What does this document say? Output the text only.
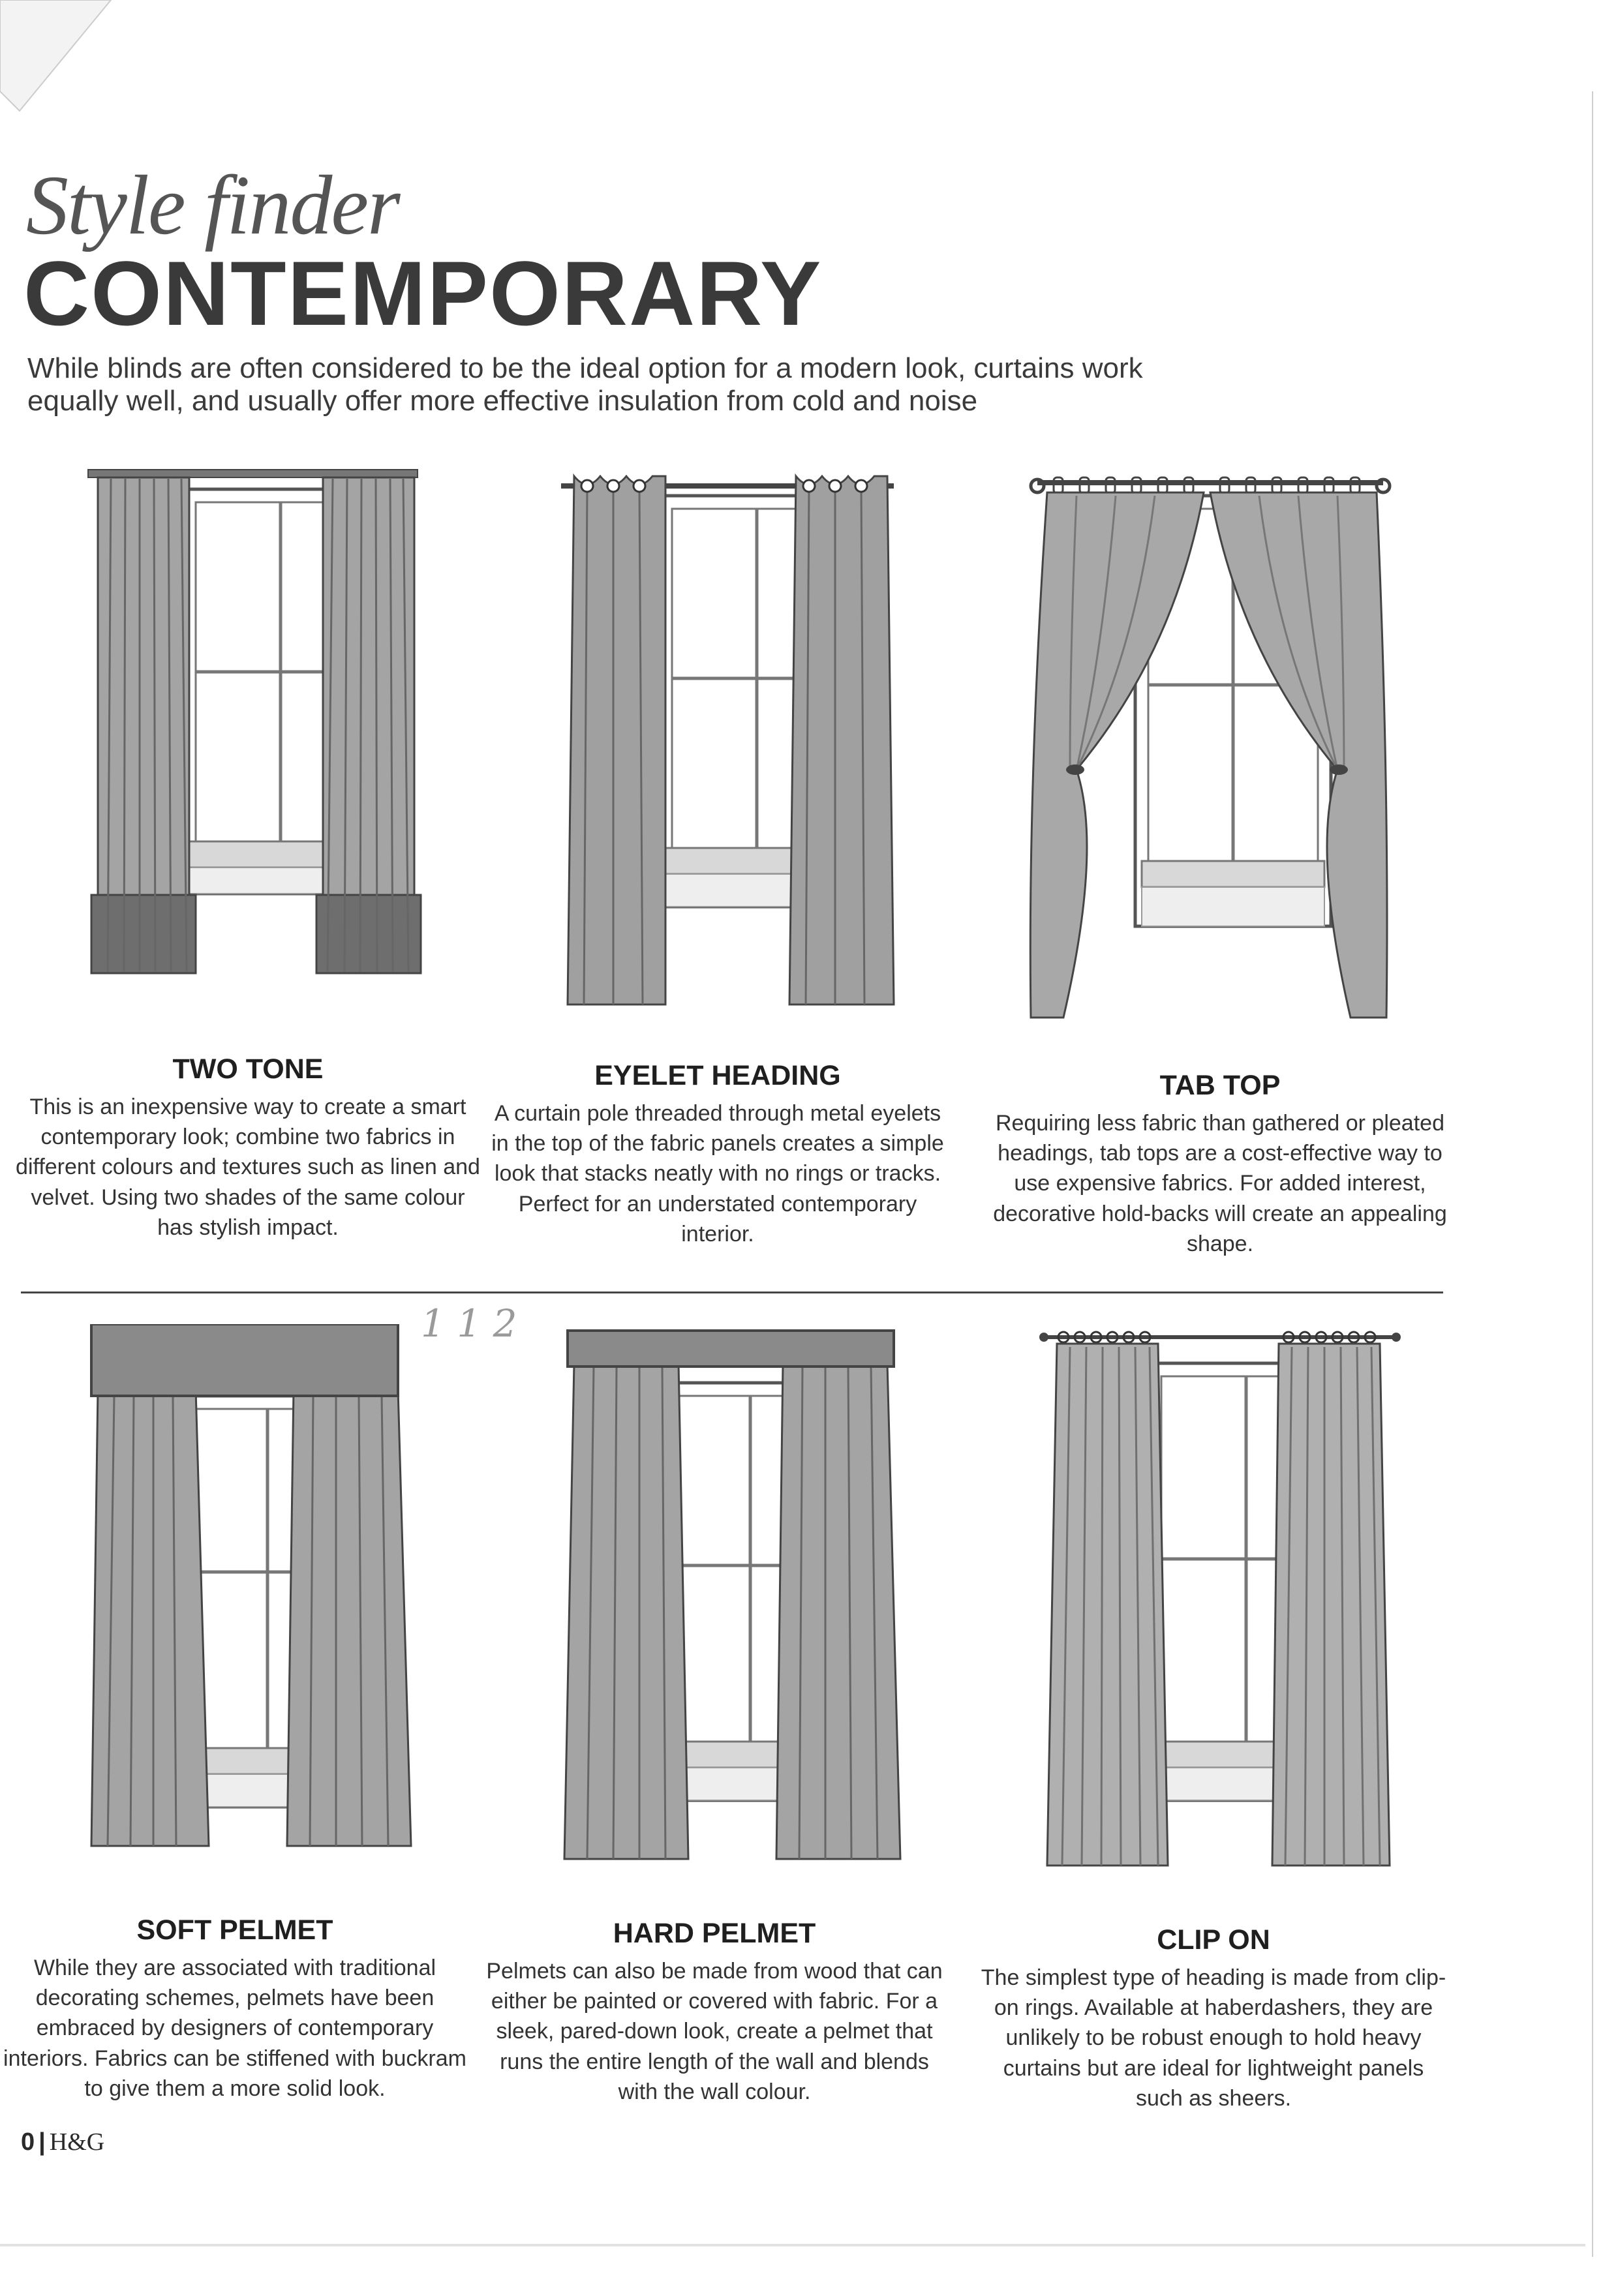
Style finder
CONTEMPORARY

While blinds are often considered to be the ideal option for a modern look, curtains work equally well, and usually offer more effective insulation from cold and noise

TWO TONE

This is an inexpensive way to create a smart contemporary look; combine two fabrics in different colours and textures such as linen and velvet. Using two shades of the same colour has stylish impact.

EYELET HEADING

A curtain pole threaded through metal eyelets in the top of the fabric panels creates a simple look that stacks neatly with no rings or tracks. Perfect for an understated contemporary interior.

TAB TOP

Requiring less fabric than gathered or pleated headings, tab tops are a cost-effective way to use expensive fabrics. For added interest, decorative hold-backs will create an appealing shape.

1 1 2
SOFT PELMET

While they are associated with traditional decorating schemes, pelmets have been embraced by designers of contemporary interiors. Fabrics can be stiffened with buckram to give them a more solid look.

HARD PELMET

Pelmets can also be made from wood that can either be painted or covered with fabric. For a sleek, pared-down look, create a pelmet that runs the entire length of the wall and blends with the wall colour.

CLIP ON

The simplest type of heading is made from clip-on rings. Available at haberdashers, they are unlikely to be robust enough to hold heavy curtains but are ideal for lightweight panels such as sheers.

0 | H&G
